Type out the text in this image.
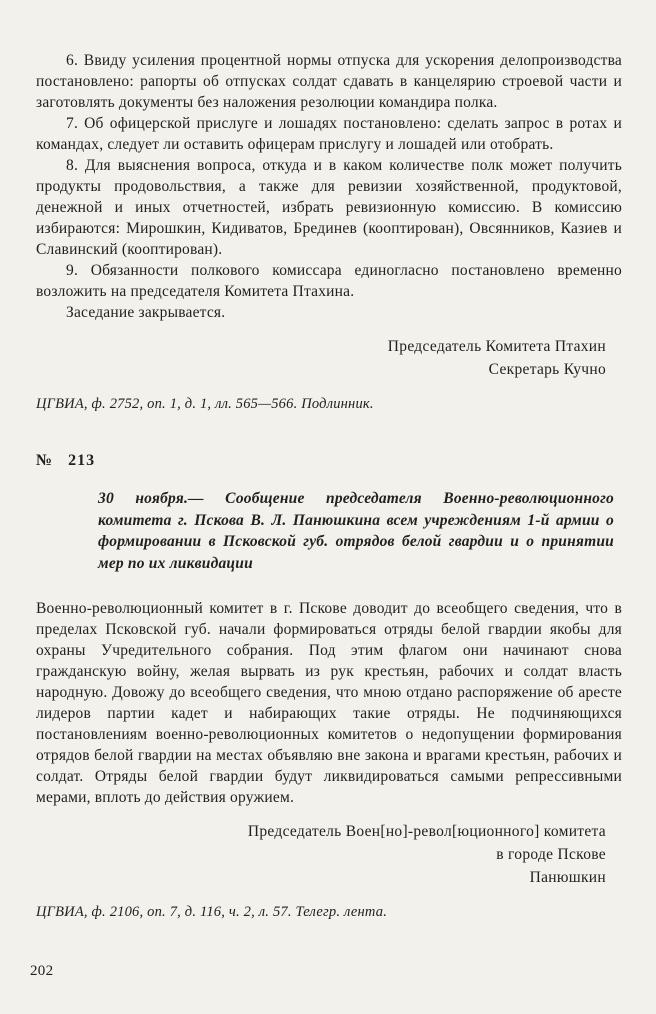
6. Ввиду усиления процентной нормы отпуска для ускорения делопроизводства постановлено: рапорты об отпусках солдат сдавать в канцелярию строевой части и заготовлять документы без наложения резолюции командира полка.

7. Об офицерской прислуге и лошадях постановлено: сделать запрос в ротах и командах, следует ли оставить офицерам прислугу и лошадей или отобрать.

8. Для выяснения вопроса, откуда и в каком количестве полк может получить продукты продовольствия, а также для ревизии хозяйственной, продуктовой, денежной и иных отчетностей, избрать ревизионную комиссию. В комиссию избираются: Мирошкин, Кидиватов, Брединев (кооптирован), Овсянников, Казиев и Славинский (кооптирован).

9. Обязанности полкового комиссара единогласно постановлено временно возложить на председателя Комитета Птахина.

Заседание закрывается.

Председатель Комитета Птахин

Секретарь Кучно

ЦГВИА, ф. 2752, оп. 1, д. 1, лл. 565—566. Подлинник.

№ 213

30 ноября.— Сообщение председателя Военно-революционного комитета г. Пскова В. Л. Панюшкина всем учреждениям 1-й армии о формировании в Псковской губ. отрядов белой гвардии и о принятии мер по их ликвидации

Военно-революционный комитет в г. Пскове доводит до всеобщего сведения, что в пределах Псковской губ. начали формироваться отряды белой гвардии якобы для охраны Учредительного собрания. Под этим флагом они начинают снова гражданскую войну, желая вырвать из рук крестьян, рабочих и солдат власть народную. Довожу до всеобщего сведения, что мною отдано распоряжение об аресте лидеров партии кадет и набирающих такие отряды. Не подчиняющихся постановлениям военно-революционных комитетов о недопущении формирования отрядов белой гвардии на местах объявляю вне закона и врагами крестьян, рабочих и солдат. Отряды белой гвардии будут ликвидироваться самыми репрессивными мерами, вплоть до действия оружием.

Председатель Воен[но]-револ[юционного] комитета

в городе Пскове

Панюшкин

ЦГВИА, ф. 2106, оп. 7, д. 116, ч. 2, л. 57. Телегр. лента.

202
